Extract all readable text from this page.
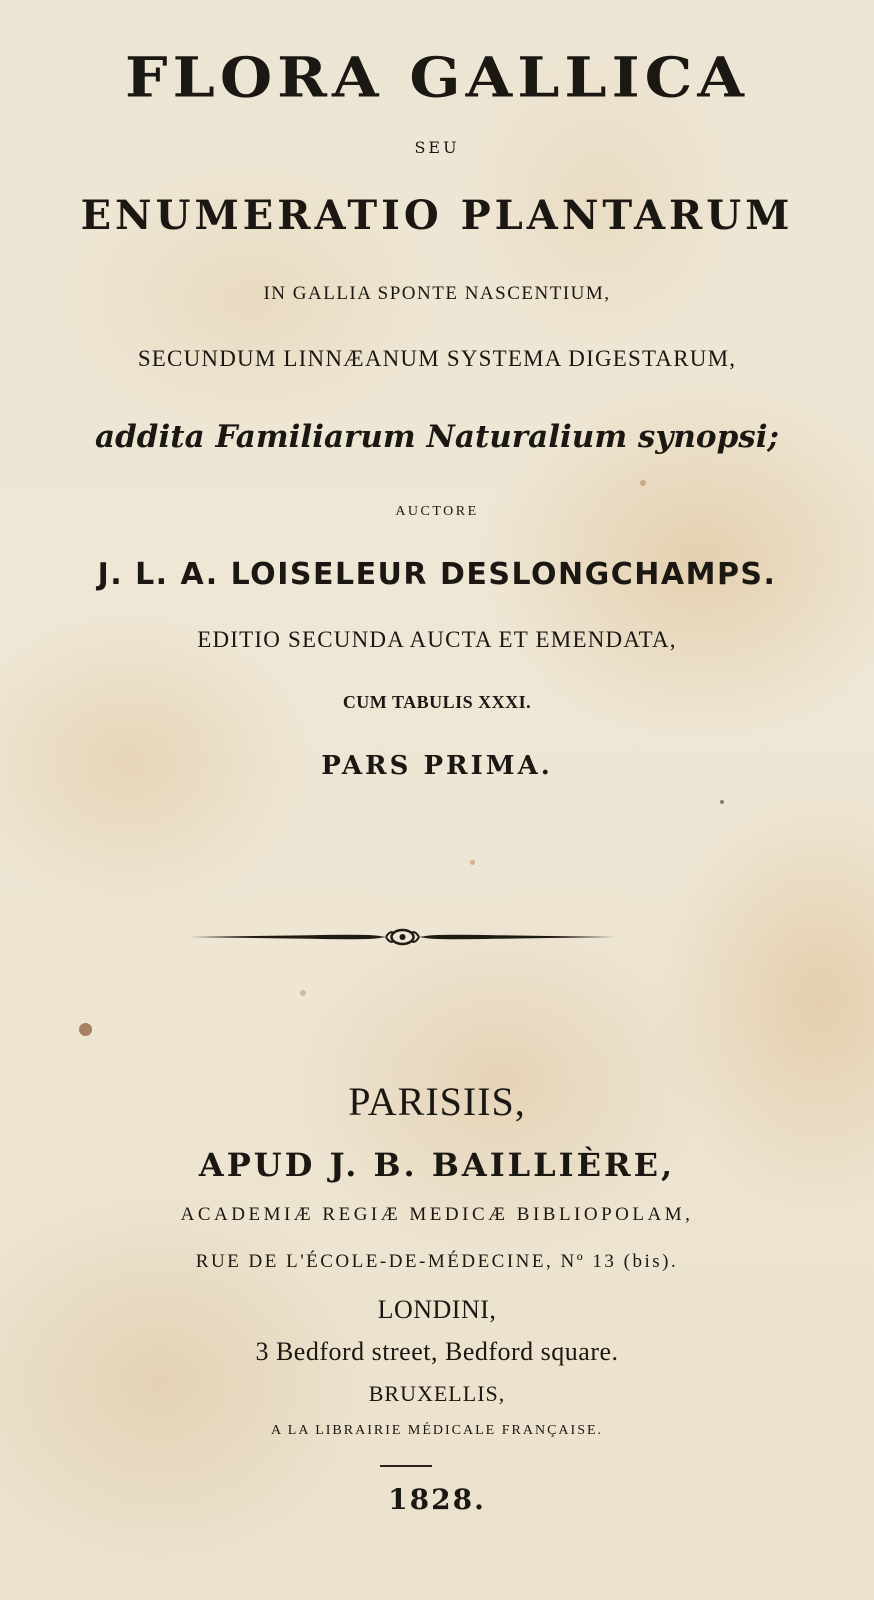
FLORA GALLICA
SEU
ENUMERATIO PLANTARUM
IN GALLIA SPONTE NASCENTIUM,
SECUNDUM LINNÆANUM SYSTEMA DIGESTARUM,
addita Familiarum Naturalium synopsi;
AUCTORE
J. L. A. LOISELEUR DESLONGCHAMPS.
EDITIO SECUNDA AUCTA ET EMENDATA,
CUM TABULIS XXXI.
PARS PRIMA.
PARISIIS,
APUD J. B. BAILLIÈRE,
ACADEMIÆ REGIÆ MEDICÆ BIBLIOPOLAM,
RUE DE L'ÉCOLE-DE-MÉDECINE, Nº 13 (bis).
LONDINI,
3 Bedford street, Bedford square.
BRUXELLIS,
A LA LIBRAIRIE MÉDICALE FRANÇAISE.
1828.
